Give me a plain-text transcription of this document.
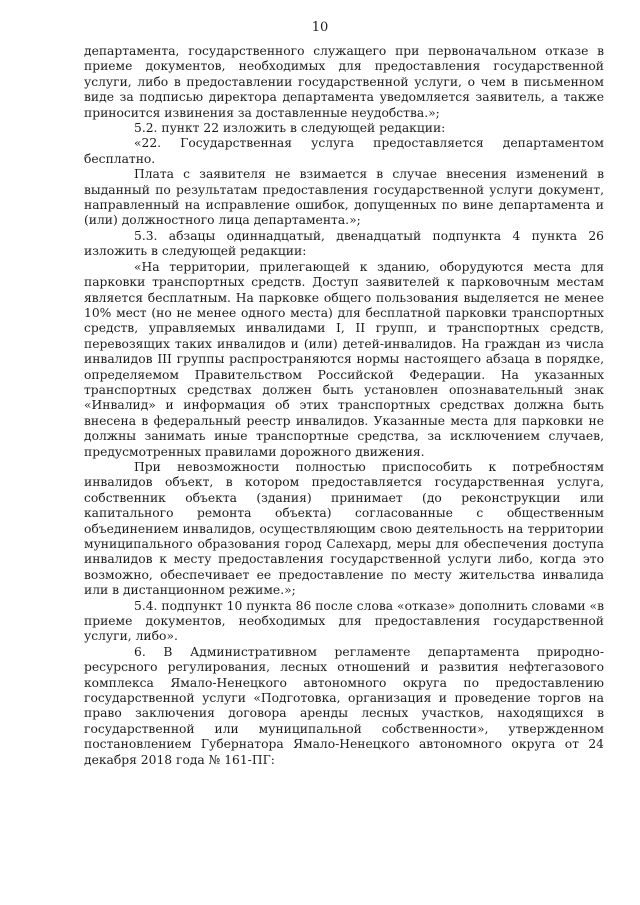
10

департамента, государственного служащего при первоначальном отказе в приеме документов, необходимых для предоставления государственной услуги, либо в предоставлении государственной услуги, о чем в письменном виде за подписью директора департамента уведомляется заявитель, а также приносится извинения за доставленные неудобства.»;

5.2. пункт 22 изложить в следующей редакции:

«22. Государственная услуга предоставляется департаментом бесплатно.

Плата с заявителя не взимается в случае внесения изменений в выданный по результатам предоставления государственной услуги документ, направленный на исправление ошибок, допущенных по вине департамента и (или) должностного лица департамента.»;

5.3. абзацы одиннадцатый, двенадцатый подпункта 4 пункта 26 изложить в следующей редакции:

«На территории, прилегающей к зданию, оборудуются места для парковки транспортных средств. Доступ заявителей к парковочным местам является бесплатным. На парковке общего пользования выделяется не менее 10% мест (но не менее одного места) для бесплатной парковки транспортных средств, управляемых инвалидами I, II групп, и транспортных средств, перевозящих таких инвалидов и (или) детей-инвалидов. На граждан из числа инвалидов III группы распространяются нормы настоящего абзаца в порядке, определяемом Правительством Российской Федерации. На указанных транспортных средствах должен быть установлен опознавательный знак «Инвалид» и информация об этих транспортных средствах должна быть внесена в федеральный реестр инвалидов. Указанные места для парковки не должны занимать иные транспортные средства, за исключением случаев, предусмотренных правилами дорожного движения.

При невозможности полностью приспособить к потребностям инвалидов объект, в котором предоставляется государственная услуга, собственник объекта (здания) принимает (до реконструкции или капитального ремонта объекта) согласованные с общественным объединением инвалидов, осуществляющим свою деятельность на территории муниципального образования город Салехард, меры для обеспечения доступа инвалидов к месту предоставления государственной услуги либо, когда это возможно, обеспечивает ее предоставление по месту жительства инвалида или в дистанционном режиме.»;

5.4. подпункт 10 пункта 86 после слова «отказе» дополнить словами «в приеме документов, необходимых для предоставления государственной услуги, либо».

6. В Административном регламенте департамента природно-ресурсного регулирования, лесных отношений и развития нефтегазового комплекса Ямало-Ненецкого автономного округа по предоставлению государственной услуги «Подготовка, организация и проведение торгов на право заключения договора аренды лесных участков, находящихся в государственной или муниципальной собственности», утвержденном постановлением Губернатора Ямало-Ненецкого автономного округа от 24 декабря 2018 года № 161-ПГ:
